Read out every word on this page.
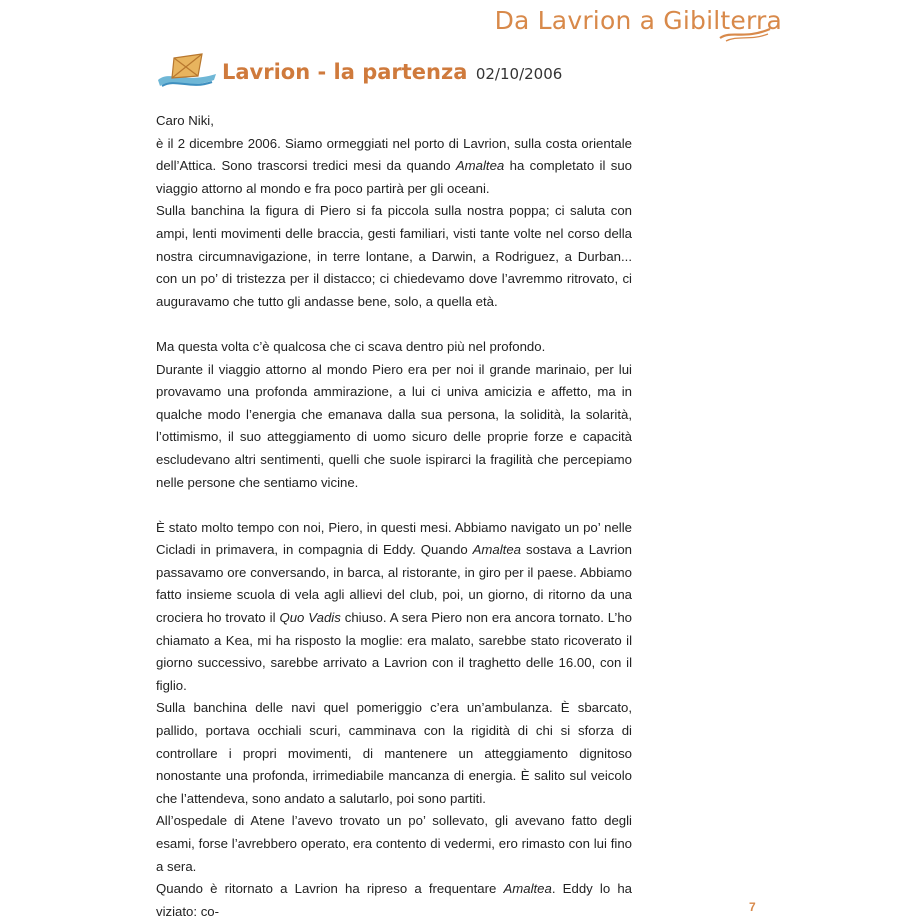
Da Lavrion a Gibilterra
Lavrion - la partenza 02/10/2006

Caro Niki,

è il 2 dicembre 2006. Siamo ormeggiati nel porto di Lavrion, sulla costa orientale dell’Attica. Sono trascorsi tredici mesi da quando Amaltea ha completato il suo viaggio attorno al mondo e fra poco partirà per gli oceani.

Sulla banchina la figura di Piero si fa piccola sulla nostra poppa; ci saluta con ampi, lenti movimenti delle braccia, gesti familiari, visti tante volte nel corso della nostra circumnavigazione, in terre lontane, a Darwin, a Rodriguez, a Durban... con un po’ di tristezza per il distacco; ci chiedevamo dove l’avremmo ritrovato, ci auguravamo che tutto gli andasse bene, solo, a quella età.

Ma questa volta c’è qualcosa che ci scava dentro più nel profondo.

Durante il viaggio attorno al mondo Piero era per noi il grande marinaio, per lui provavamo una profonda ammirazione, a lui ci univa amicizia e affetto, ma in qualche modo l’energia che emanava dalla sua persona, la solidità, la solarità, l’ottimismo, il suo atteggiamento di uomo sicuro delle proprie forze e capacità escludevano altri sentimenti, quelli che suole ispirarci la fragilità che percepiamo nelle persone che sentiamo vicine.

È stato molto tempo con noi, Piero, in questi mesi. Abbiamo navigato un po’ nelle Cicladi in primavera, in compagnia di Eddy. Quando Amaltea sostava a Lavrion passavamo ore conversando, in barca, al ristorante, in giro per il paese. Abbiamo fatto insieme scuola di vela agli allievi del club, poi, un giorno, di ritorno da una crociera ho trovato il Quo Vadis chiuso. A sera Piero non era ancora tornato. L’ho chiamato a Kea, mi ha risposto la moglie: era malato, sarebbe stato ricoverato il giorno successivo, sarebbe arrivato a Lavrion con il traghetto delle 16.00, con il figlio.

Sulla banchina delle navi quel pomeriggio c’era un’ambulanza. È sbarcato, pallido, portava occhiali scuri, camminava con la rigidità di chi si sforza di controllare i propri movimenti, di mantenere un atteggiamento dignitoso nonostante una profonda, irrimediabile mancanza di energia. È salito sul veicolo che l’attendeva, sono andato a salutarlo, poi sono partiti.

All’ospedale di Atene l’avevo trovato un po’ sollevato, gli avevano fatto degli esami, forse l’avrebbero operato, era contento di vedermi, ero rimasto con lui fino a sera.

Quando è ritornato a Lavrion ha ripreso a frequentare Amaltea. Eddy lo ha viziato: co-	7
